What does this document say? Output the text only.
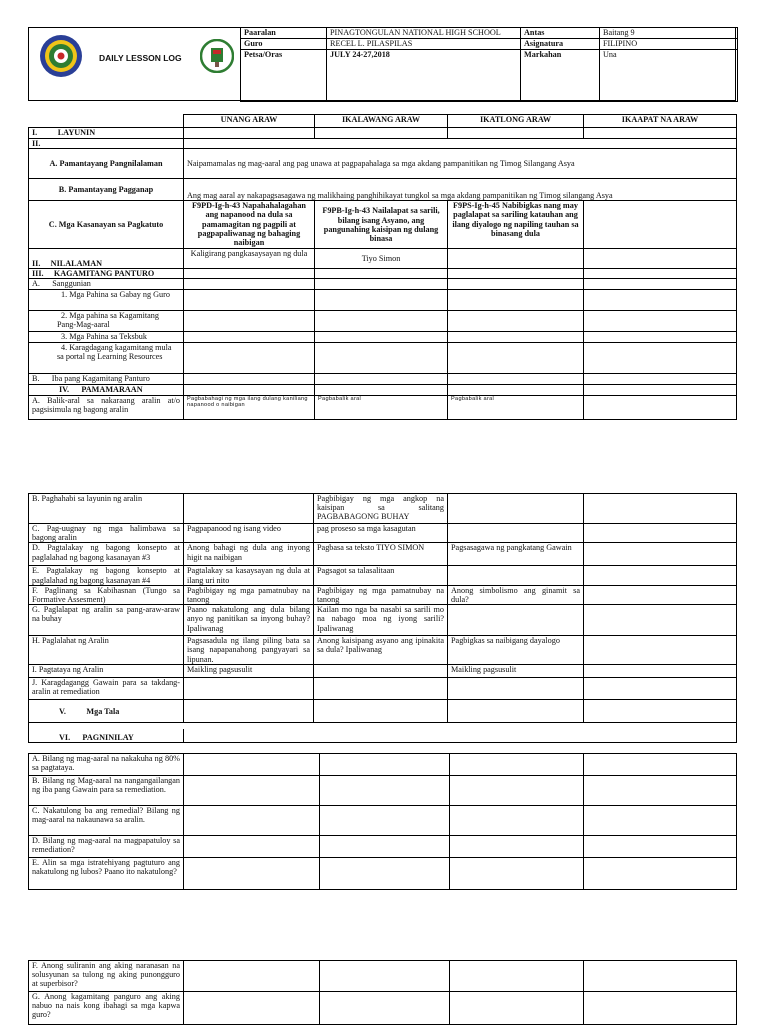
DAILY LESSON LOG
Paaralan	PINAGTONGULAN NATIONAL HIGH SCHOOL	Antas	Baitang 9
Guro	RECEL L. PILASPILAS	Asignatura	FILIPINO
Petsa/Oras	JULY 24-27,2018	Markahan	Una
	UNANG ARAW	IKALAWANG ARAW	IKATLONG ARAW	IKAAPAT NA ARAW
I.          LAYUNIN				
II.				
A. Pamantayang Pangnilalaman	Naipamamalas ng mag-aaral ang pag unawa at pagpapahalaga sa mga akdang pampanitikan ng Timog Silangang Asya			
B. Pamantayang Pagganap	Ang mag aaral ay nakapagsasagawa ng malikhaing panghihikayat tungkol sa mga akdang pampanitikan ng Timog silangang Asya			
C. Mga Kasanayan sa Pagkatuto	F9PD-Ig-h-43 Napahahalagahan ang napanood na dula sa pamamagitan ng pagpili at pagpapaliwanag ng bahaging naibigan	F9PB-Ig-h-43 Nailalapat sa sarili, bilang isang Asyano, ang pangunahing kaisipan ng dulang binasa	F9PS-Ig-h-45 Nabibigkas nang may paglalapat sa sariling katauhan ang ilang diyalogo ng napiling tauhan sa binasang dula	
II.     NILALAMAN	Kaligirang pangkasaysayan ng dula	Tiyo Simon		
III.     KAGAMITANG PANTURO				
A.      Sanggunian				
1. Mga Pahina sa Gabay ng Guro				
2. Mga pahina sa Kagamitang Pang-Mag-aaral				
3. Mga Pahina sa Teksbuk				
4. Karagdagang kagamitang mula sa portal ng Learning Resources				
B.      Iba pang Kagamitang Panturo				
IV.      PAMAMARAAN				
A. Balik-aral sa nakaraang aralin at/o pagsisimula ng bagong aralin	Pagbabahagi ng mga ilang dulang kaniliang napanood o naibigan	Pagbabalik aral	Pagbabalik aral	
B. Paghahabi sa layunin ng aralin		Pagbibigay ng mga angkop na kaisipan sa salitang PAGBABAGONG BUHAY		
C. Pag-uugnay ng mga halimbawa sa bagong aralin	Pagpapanood ng isang video	pag proseso sa mga kasagutan		
D. Pagtalakay ng bagong konsepto at paglalahad ng bagong kasanayan #3	Anong bahagi ng dula ang inyong higit na naibigan	Pagbasa sa teksto TIYO SIMON	Pagsasagawa ng pangkatang Gawain	
E. Pagtalakay ng bagong konsepto at paglalahad ng bagong kasanayan #4	Pagtalakay sa kasaysayan ng dula at ilang uri nito	Pagsagot sa talasalitaan		
F. Paglinang sa Kabihasnan (Tungo sa Formative Assesment)	Pagbibigay ng mga pamatnubay na tanong	Pagbibigay ng mga pamatnubay na tanong	Anong simbolismo ang ginamit sa dula?	
G. Paglalapat ng aralin sa pang-araw-araw na buhay	Paano nakatulong ang dula bilang anyo ng panitikan sa inyong buhay? Ipaliwanag	Kailan mo nga ba nasabi sa sarili mo na nabago moa ng iyong sarili? Ipaliwanag		
H. Paglalahat ng Aralin	Pagsasadula ng ilang piling bata sa isang napapanahong pangyayari sa lipunan.	Anong kaisipang asyano ang ipinakita sa dula? Ipaliwanag	Pagbigkas sa naibigang dayalogo	
I. Pagtataya ng Aralin	Maikling pagsusulit		Maikling pagsusulit	
J. Karagdagangg Gawain para sa takdang-aralin at remediation				
V.          Mga Tala				

VI.      PAGNINILAY				
A. Bilang ng mag-aaral na nakakuha ng 80% sa pagtataya.				
B. Bilang ng Mag-aaral na nangangailangan ng iba pang Gawain para sa remediation.				
C. Nakatulong ba ang remedial? Bilang ng mag-aaral na nakaunawa sa aralin.				
D. Bilang ng mag-aaral na magpapatuloy sa remediation?				
E. Alin sa mga istratehiyang pagtuturo ang nakatulong ng lubos? Paano ito nakatulong?				
F. Anong suliranin ang aking naranasan na solusyunan sa tulong ng aking punongguro at superbisor?				
G. Anong kagamitang panguro ang aking nabuo na nais kong ibahagi sa mga kapwa guro?				
